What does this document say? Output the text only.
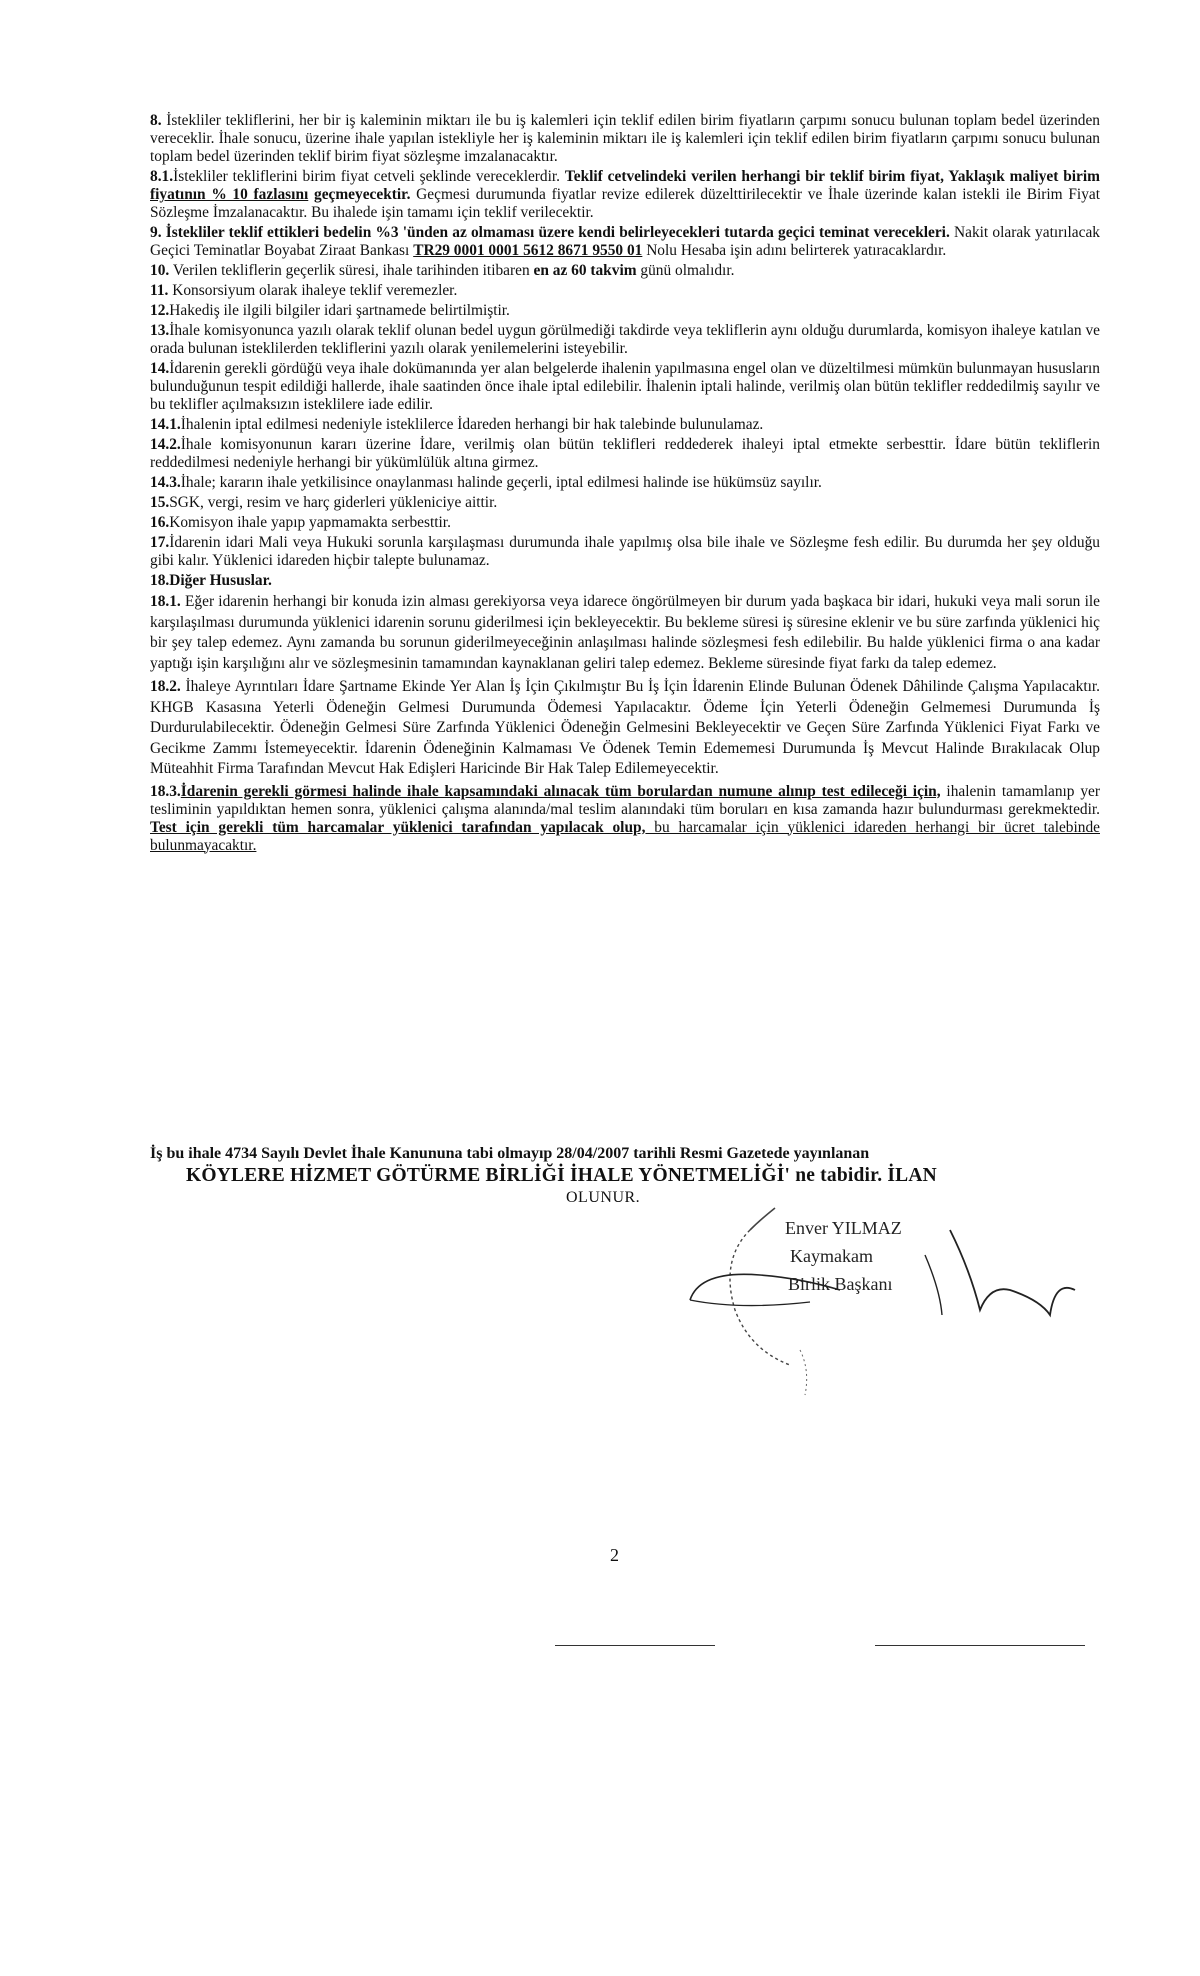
8. İstekliler tekliflerini, her bir iş kaleminin miktarı ile bu iş kalemleri için teklif edilen birim fiyatların çarpımı sonucu bulunan toplam bedel üzerinden vereceklir. İhale sonucu, üzerine ihale yapılan istekliyle her iş kaleminin miktarı ile iş kalemleri için teklif edilen birim fiyatların çarpımı sonucu bulunan toplam bedel üzerinden teklif birim fiyat sözleşme imzalanacaktır.

8.1.İstekliler tekliflerini birim fiyat cetveli şeklinde vereceklerdir. Teklif cetvelindeki verilen herhangi bir teklif birim fiyat, Yaklaşık maliyet birim fiyatının % 10 fazlasını geçmeyecektir. Geçmesi durumunda fiyatlar revize edilerek düzelttirilecektir ve İhale üzerinde kalan istekli ile Birim Fiyat Sözleşme İmzalanacaktır. Bu ihalede işin tamamı için teklif verilecektir.

9. İstekliler teklif ettikleri bedelin %3 'ünden az olmaması üzere kendi belirleyecekleri tutarda geçici teminat verecekleri. Nakit olarak yatırılacak Geçici Teminatlar Boyabat Ziraat Bankası TR29 0001 0001 5612 8671 9550 01 Nolu Hesaba işin adını belirterek yatıracaklardır.

10. Verilen tekliflerin geçerlik süresi, ihale tarihinden itibaren en az 60 takvim günü olmalıdır.

11. Konsorsiyum olarak ihaleye teklif veremezler.

12.Hakediş ile ilgili bilgiler idari şartnamede belirtilmiştir.

13.İhale komisyonunca yazılı olarak teklif olunan bedel uygun görülmediği takdirde veya tekliflerin aynı olduğu durumlarda, komisyon ihaleye katılan ve orada bulunan isteklilerden tekliflerini yazılı olarak yenilemelerini isteyebilir.

14.İdarenin gerekli gördüğü veya ihale dokümanında yer alan belgelerde ihalenin yapılmasına engel olan ve düzeltilmesi mümkün bulunmayan hususların bulunduğunun tespit edildiği hallerde, ihale saatinden önce ihale iptal edilebilir. İhalenin iptali halinde, verilmiş olan bütün teklifler reddedilmiş sayılır ve bu teklifler açılmaksızın isteklilere iade edilir.

14.1.İhalenin iptal edilmesi nedeniyle isteklilerce İdareden herhangi bir hak talebinde bulunulamaz.

14.2.İhale komisyonunun kararı üzerine İdare, verilmiş olan bütün teklifleri reddederek ihaleyi iptal etmekte serbesttir. İdare bütün tekliflerin reddedilmesi nedeniyle herhangi bir yükümlülük altına girmez.

14.3.İhale; kararın ihale yetkilisince onaylanması halinde geçerli, iptal edilmesi halinde ise hükümsüz sayılır.

15.SGK, vergi, resim ve harç giderleri yükleniciye aittir.

16.Komisyon ihale yapıp yapmamakta serbesttir.

17.İdarenin idari Mali veya Hukuki sorunla karşılaşması durumunda ihale yapılmış olsa bile ihale ve Sözleşme fesh edilir. Bu durumda her şey olduğu gibi kalır. Yüklenici idareden hiçbir talepte bulunamaz.

18.Diğer Hususlar.

18.1. Eğer idarenin herhangi bir konuda izin alması gerekiyorsa veya idarece öngörülmeyen bir durum yada başkaca bir idari, hukuki veya mali sorun ile karşılaşılması durumunda yüklenici idarenin sorunu giderilmesi için bekleyecektir. Bu bekleme süresi iş süresine eklenir ve bu süre zarfında yüklenici hiç bir şey talep edemez. Aynı zamanda bu sorunun giderilmeyeceğinin anlaşılması halinde sözleşmesi fesh edilebilir. Bu halde yüklenici firma o ana kadar yaptığı işin karşılığını alır ve sözleşmesinin tamamından kaynaklanan geliri talep edemez. Bekleme süresinde fiyat farkı da talep edemez.

18.2. İhaleye Ayrıntıları İdare Şartname Ekinde Yer Alan İş İçin Çıkılmıştır Bu İş İçin İdarenin Elinde Bulunan Ödenek Dâhilinde Çalışma Yapılacaktır. KHGB Kasasına Yeterli Ödeneğin Gelmesi Durumunda Ödemesi Yapılacaktır. Ödeme İçin Yeterli Ödeneğin Gelmemesi Durumunda İş Durdurulabilecektir. Ödeneğin Gelmesi Süre Zarfında Yüklenici Ödeneğin Gelmesini Bekleyecektir ve Geçen Süre Zarfında Yüklenici Fiyat Farkı ve Gecikme Zammı İstemeyecektir. İdarenin Ödeneğinin Kalmaması Ve Ödenek Temin Edememesi Durumunda İş Mevcut Halinde Bırakılacak Olup Müteahhit Firma Tarafından Mevcut Hak Edişleri Haricinde Bir Hak Talep Edilemeyecektir.

18.3.İdarenin gerekli görmesi halinde ihale kapsamındaki alınacak tüm borulardan numune alınıp test edileceği için, ihalenin tamamlanıp yer tesliminin yapıldıktan hemen sonra, yüklenici çalışma alanında/mal teslim alanındaki tüm boruları en kısa zamanda hazır bulundurması gerekmektedir. Test için gerekli tüm harcamalar yüklenici tarafından yapılacak olup, bu harcamalar için yüklenici idareden herhangi bir ücret talebinde bulunmayacaktır.

İş bu ihale 4734 Sayılı Devlet İhale Kanununa tabi olmayıp 28/04/2007 tarihli Resmi Gazetede yayınlanan
KÖYLERE HİZMET GÖTÜRME BİRLİĞİ İHALE YÖNETMELİĞİ' ne tabidir. İLAN
OLUNUR.
Enver YILMAZ
Kaymakam
Birlik Başkanı
2
